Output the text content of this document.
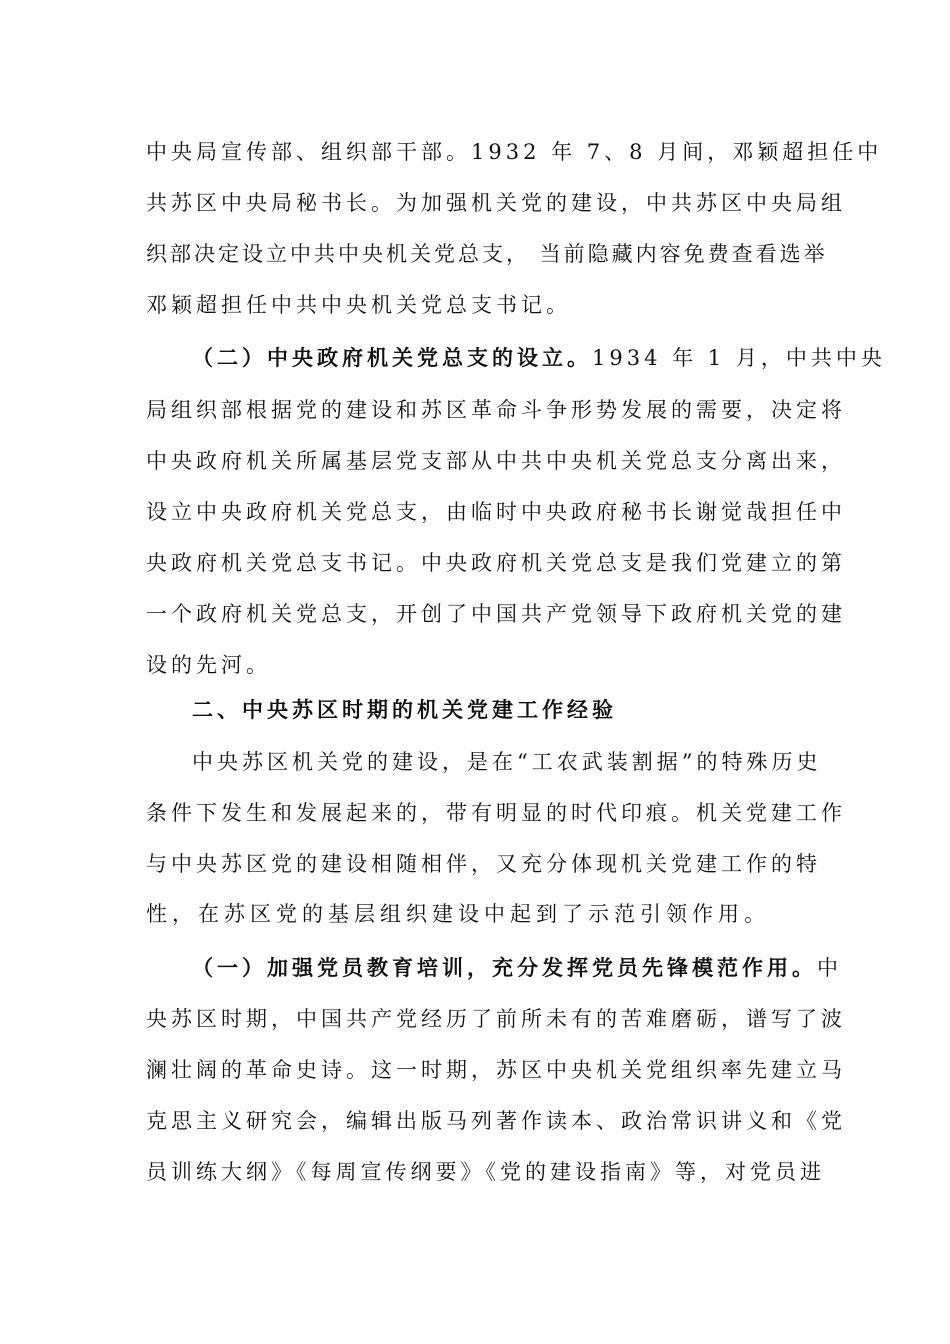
中央局宣传部、组织部干部。1932 年 7、8 月间，邓颖超担任中
共苏区中央局秘书长。为加强机关党的建设，中共苏区中央局组
织部决定设立中共中央机关党总支， 当前隐藏内容免费查看选举
邓颖超担任中共中央机关党总支书记。
（二）中央政府机关党总支的设立。1934 年 1 月，中共中央
局组织部根据党的建设和苏区革命斗争形势发展的需要，决定将
中央政府机关所属基层党支部从中共中央机关党总支分离出来，
设立中央政府机关党总支，由临时中央政府秘书长谢觉哉担任中
央政府机关党总支书记。中央政府机关党总支是我们党建立的第
一个政府机关党总支，开创了中国共产党领导下政府机关党的建
设的先河。
二、中央苏区时期的机关党建工作经验
中央苏区机关党的建设，是在“工农武装割据”的特殊历史
条件下发生和发展起来的，带有明显的时代印痕。机关党建工作
与中央苏区党的建设相随相伴，又充分体现机关党建工作的特
性，在苏区党的基层组织建设中起到了示范引领作用。
（一）加强党员教育培训，充分发挥党员先锋模范作用。中
央苏区时期，中国共产党经历了前所未有的苦难磨砺，谱写了波
澜壮阔的革命史诗。这一时期，苏区中央机关党组织率先建立马
克思主义研究会，编辑出版马列著作读本、政治常识讲义和《党
员训练大纲》《每周宣传纲要》《党的建设指南》等，对党员进
